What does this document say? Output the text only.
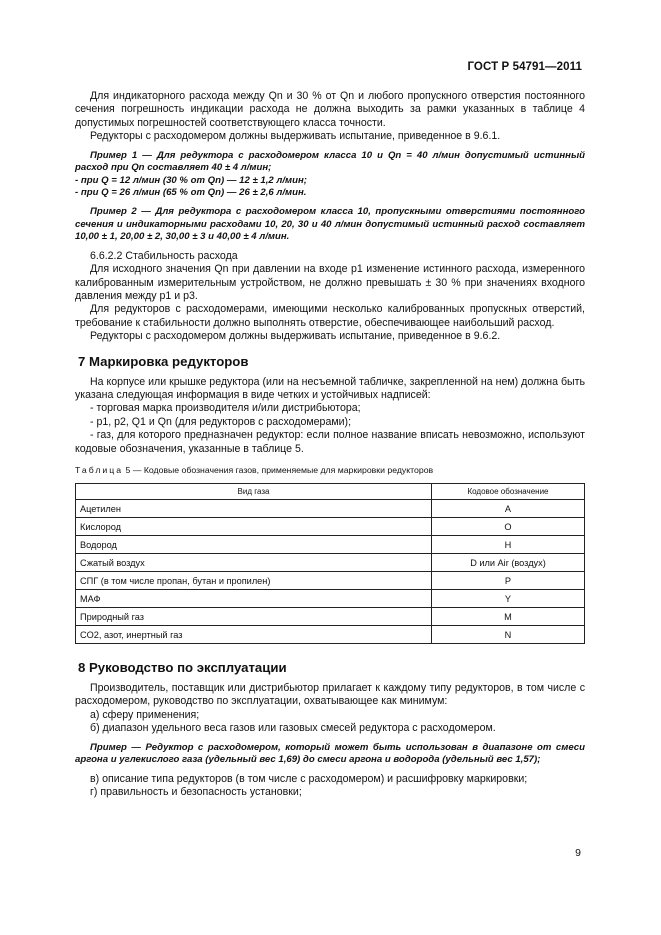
ГОСТ Р 54791—2011

Для индикаторного расхода между Qn и 30 % от Qn и любого пропускного отверстия постоянного сечения погрешность индикации расхода не должна выходить за рамки указанных в таблице 4 допустимых погрешностей соответствующего класса точности.

Редукторы с расходомером должны выдерживать испытание, приведенное в 9.6.1.

Пример 1 — Для редуктора с расходомером класса 10 и Qn = 40 л/мин допустимый истинный расход при Qn составляет 40 ± 4 л/мин;

- при Q = 12 л/мин (30 % от Qn) — 12 ± 1,2 л/мин;

- при Q = 26 л/мин (65 % от Qn) — 26 ± 2,6 л/мин.

Пример 2 — Для редуктора с расходомером класса 10, пропускными отверстиями постоянного сечения и индикаторными расходами 10, 20, 30 и 40 л/мин допустимый истинный расход составляет 10,00 ± 1, 20,00 ± 2, 30,00 ± 3 и 40,00 ± 4 л/мин.

6.6.2.2 Стабильность расхода

Для исходного значения Qn при давлении на входе p1 изменение истинного расхода, измеренного калиброванным измерительным устройством, не должно превышать ± 30 % при значениях входного давления между p1 и p3.

Для редукторов с расходомерами, имеющими несколько калиброванных пропускных отверстий, требование к стабильности должно выполнять отверстие, обеспечивающее наибольший расход.

Редукторы с расходомером должны выдерживать испытание, приведенное в 9.6.2.

7 Маркировка редукторов

На корпусе или крышке редуктора (или на несъемной табличке, закрепленной на нем) должна быть указана следующая информация в виде четких и устойчивых надписей:

- торговая марка производителя и/или дистрибьютора;

- p1, p2, Q1 и Qn (для редукторов с расходомерами);

- газ, для которого предназначен редуктор: если полное название вписать невозможно, используют кодовые обозначения, указанные в таблице 5.

Таблица 5 — Кодовые обозначения газов, применяемые для маркировки редукторов

Вид газа	Кодовое обозначение
Ацетилен	A
Кислород	O
Водород	H
Сжатый воздух	D или Air (воздух)
СПГ (в том числе пропан, бутан и пропилен)	P
МАФ	Y
Природный газ	M
CO2, азот, инертный газ	N
8 Руководство по эксплуатации

Производитель, поставщик или дистрибьютор прилагает к каждому типу редукторов, в том числе с расходомером, руководство по эксплуатации, охватывающее как минимум:

а) сферу применения;

б) диапазон удельного веса газов или газовых смесей редуктора с расходомером.

Пример — Редуктор с расходомером, который может быть использован в диапазоне от смеси аргона и углекислого газа (удельный вес 1,69) до смеси аргона и водорода (удельный вес 1,57);

в) описание типа редукторов (в том числе с расходомером) и расшифровку маркировки;

г) правильность и безопасность установки;

9
